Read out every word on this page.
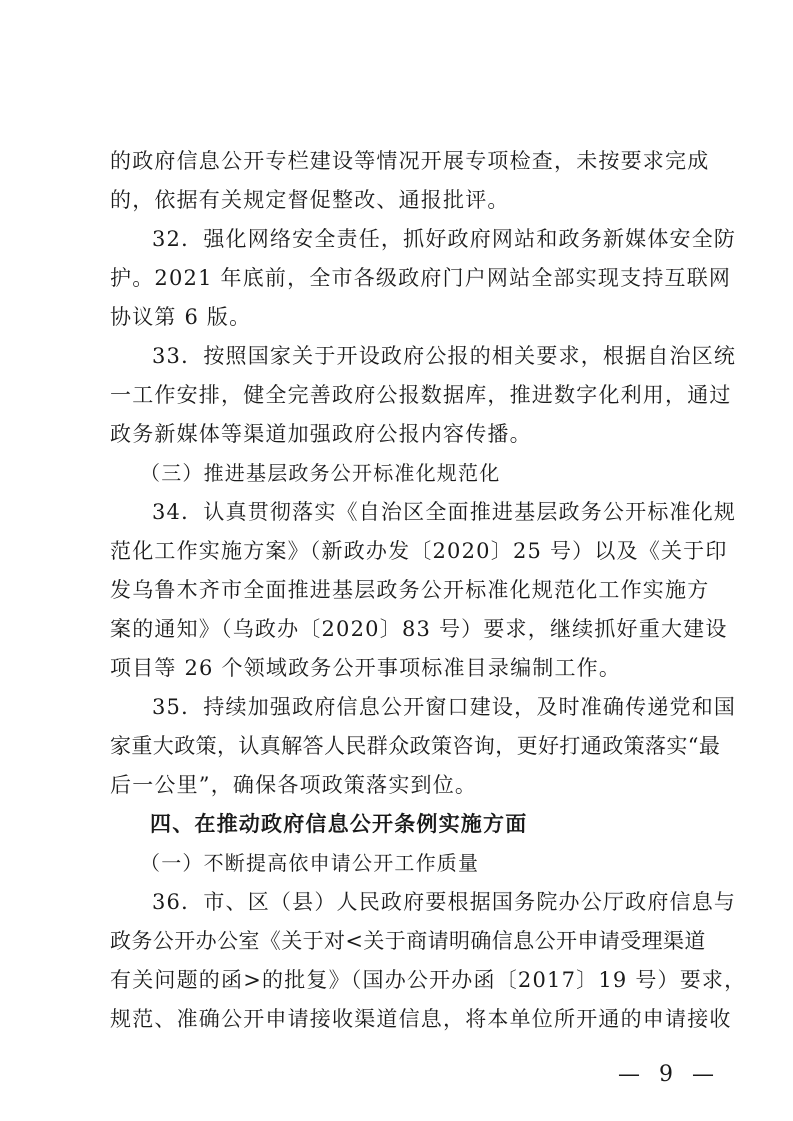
的政府信息公开专栏建设等情况开展专项检查，未按要求完成
的，依据有关规定督促整改、通报批评。
32．强化网络安全责任，抓好政府网站和政务新媒体安全防
护。2021 年底前，全市各级政府门户网站全部实现支持互联网
协议第 6 版。
33．按照国家关于开设政府公报的相关要求，根据自治区统
一工作安排，健全完善政府公报数据库，推进数字化利用，通过
政务新媒体等渠道加强政府公报内容传播。
（三）推进基层政务公开标准化规范化
34．认真贯彻落实《自治区全面推进基层政务公开标准化规
范化工作实施方案》（新政办发〔2020〕25 号）以及《关于印
发乌鲁木齐市全面推进基层政务公开标准化规范化工作实施方
案的通知》（乌政办〔2020〕83 号）要求，继续抓好重大建设
项目等 26 个领域政务公开事项标准目录编制工作。
35．持续加强政府信息公开窗口建设，及时准确传递党和国
家重大政策，认真解答人民群众政策咨询，更好打通政策落实“最
后一公里”，确保各项政策落实到位。
四、在推动政府信息公开条例实施方面
（一）不断提高依申请公开工作质量
36．市、区（县）人民政府要根据国务院办公厅政府信息与
政务公开办公室《关于对<关于商请明确信息公开申请受理渠道
有关问题的函>的批复》（国办公开办函〔2017〕19 号）要求，
规范、准确公开申请接收渠道信息，将本单位所开通的申请接收
— 9 —
